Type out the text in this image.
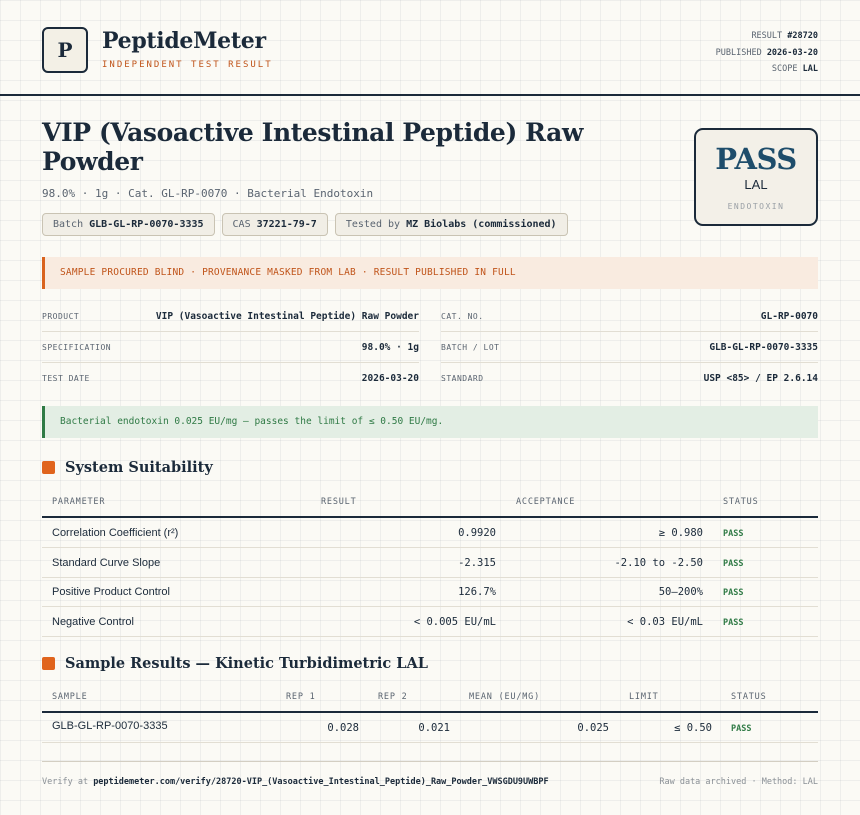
P	PeptideMeter
INDEPENDENT TEST RESULT
RESULT #28720
PUBLISHED 2026-03-20
SCOPE LAL
VIP (Vasoactive Intestinal Peptide) Raw Powder
98.0% · 1g · Cat. GL-RP-0070 · Bacterial Endotoxin
Batch GLB-GL-RP-0070-3335	CAS 37221-79-7	Tested by MZ Biolabs (commissioned)
PASS
LAL
ENDOTOXIN
SAMPLE PROCURED BLIND · PROVENANCE MASKED FROM LAB · RESULT PUBLISHED IN FULL
PRODUCT	VIP (Vasoactive Intestinal Peptide) Raw Powder
SPECIFICATION	98.0% · 1g
TEST DATE	2026-03-20
CAT. NO.	GL-RP-0070
BATCH / LOT	GLB-GL-RP-0070-3335
STANDARD	USP <85> / EP 2.6.14
Bacterial endotoxin 0.025 EU/mg — passes the limit of ≤ 0.50 EU/mg.
System Suitability
PARAMETER	RESULT	ACCEPTANCE	STATUS
Correlation Coefficient (r²)	0.9920	≥ 0.980 PASS
Standard Curve Slope	-2.315	-2.10 to -2.50 PASS
Positive Product Control	126.7%	50–200% PASS
Negative Control	< 0.005 EU/mL	< 0.03 EU/mL PASS
Sample Results — Kinetic Turbidimetric LAL
SAMPLE	REP 1	REP 2	MEAN (EU/MG)	LIMIT	STATUS
GLB-GL-RP-0070-3335	0.028	0.021	0.025	≤ 0.50 PASS
Verify at peptidemeter.com/verify/28720-VIP_(Vasoactive_Intestinal_Peptide)_Raw_Powder_VWSGDU9UWBPF	Raw data archived · Method: LAL
